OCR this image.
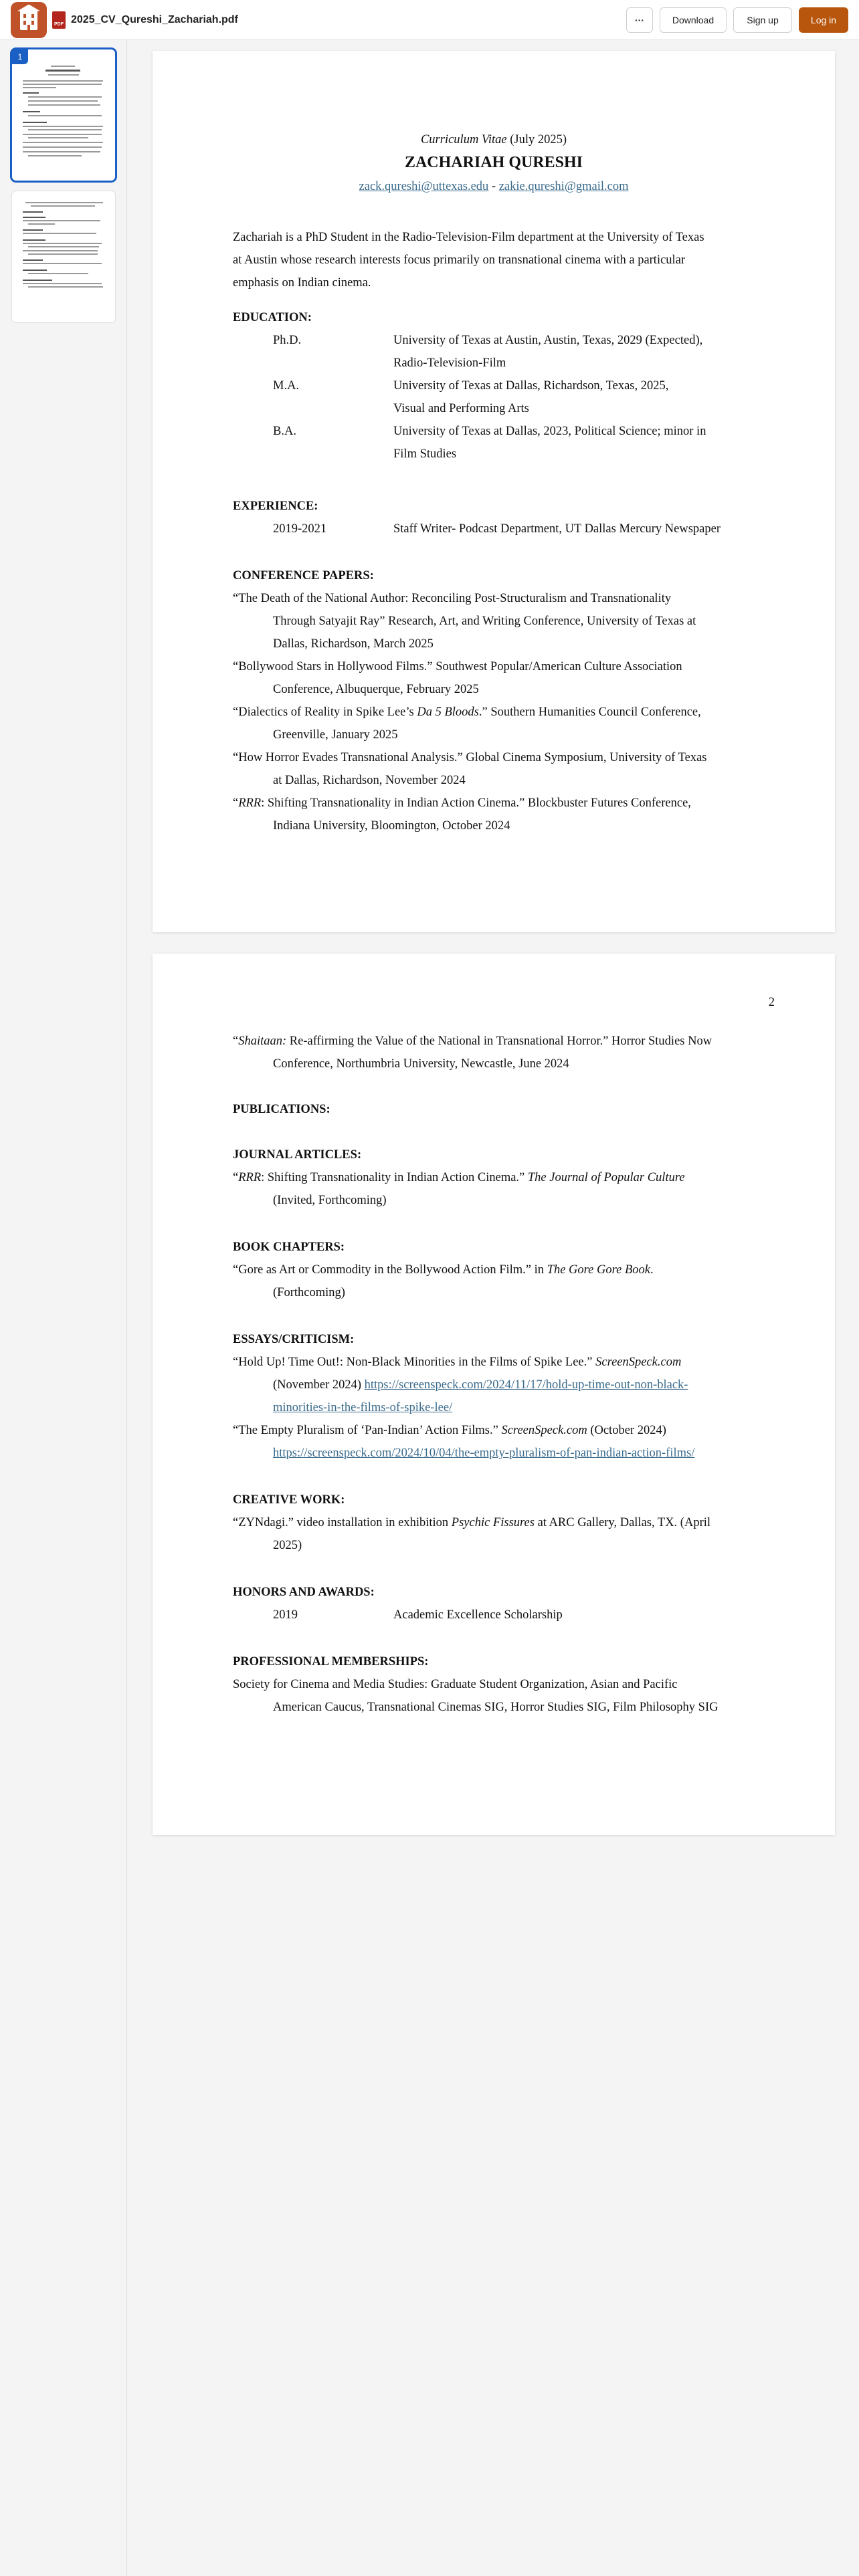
PDF 2025_CV_Qureshi_Zachariah.pdf	···	Download	Sign up	Log in
1
Curriculum Vitae (July 2025)
ZACHARIAH QURESHI
zack.qureshi@uttexas.edu - zakie.qureshi@gmail.com
Zachariah is a PhD Student in the Radio-Television-Film department at the University of Texas
at Austin whose research interests focus primarily on transnational cinema with a particular
emphasis on Indian cinema.
EDUCATION:
Ph.D.	University of Texas at Austin, Austin, Texas, 2029 (Expected),
Radio-Television-Film
M.A.	University of Texas at Dallas, Richardson, Texas, 2025,
Visual and Performing Arts
B.A.	University of Texas at Dallas, 2023, Political Science; minor in
Film Studies
EXPERIENCE:
2019-2021	Staff Writer- Podcast Department, UT Dallas Mercury Newspaper
CONFERENCE PAPERS:
“The Death of the National Author: Reconciling Post-Structuralism and Transnationality
Through Satyajit Ray” Research, Art, and Writing Conference, University of Texas at
Dallas, Richardson, March 2025
“Bollywood Stars in Hollywood Films.” Southwest Popular/American Culture Association
Conference, Albuquerque, February 2025
“Dialectics of Reality in Spike Lee’s Da 5 Bloods.” Southern Humanities Council Conference,
Greenville, January 2025
“How Horror Evades Transnational Analysis.” Global Cinema Symposium, University of Texas
at Dallas, Richardson, November 2024
“RRR: Shifting Transnationality in Indian Action Cinema.” Blockbuster Futures Conference,
Indiana University, Bloomington, October 2024
2
“Shaitaan: Re-affirming the Value of the National in Transnational Horror.” Horror Studies Now
Conference, Northumbria University, Newcastle, June 2024
PUBLICATIONS:
JOURNAL ARTICLES:
“RRR: Shifting Transnationality in Indian Action Cinema.” The Journal of Popular Culture
(Invited, Forthcoming)
BOOK CHAPTERS:
“Gore as Art or Commodity in the Bollywood Action Film.” in The Gore Gore Book.
(Forthcoming)
ESSAYS/CRITICISM:
“Hold Up! Time Out!: Non-Black Minorities in the Films of Spike Lee.” ScreenSpeck.com
(November 2024) https://screenspeck.com/2024/11/17/hold-up-time-out-non-black-
minorities-in-the-films-of-spike-lee/
“The Empty Pluralism of ‘Pan-Indian’ Action Films.” ScreenSpeck.com (October 2024)
https://screenspeck.com/2024/10/04/the-empty-pluralism-of-pan-indian-action-films/
CREATIVE WORK:
“ZYNdagi.” video installation in exhibition Psychic Fissures at ARC Gallery, Dallas, TX. (April
2025)
HONORS AND AWARDS:
2019	Academic Excellence Scholarship
PROFESSIONAL MEMBERSHIPS:
Society for Cinema and Media Studies: Graduate Student Organization, Asian and Pacific
American Caucus, Transnational Cinemas SIG, Horror Studies SIG, Film Philosophy SIG
